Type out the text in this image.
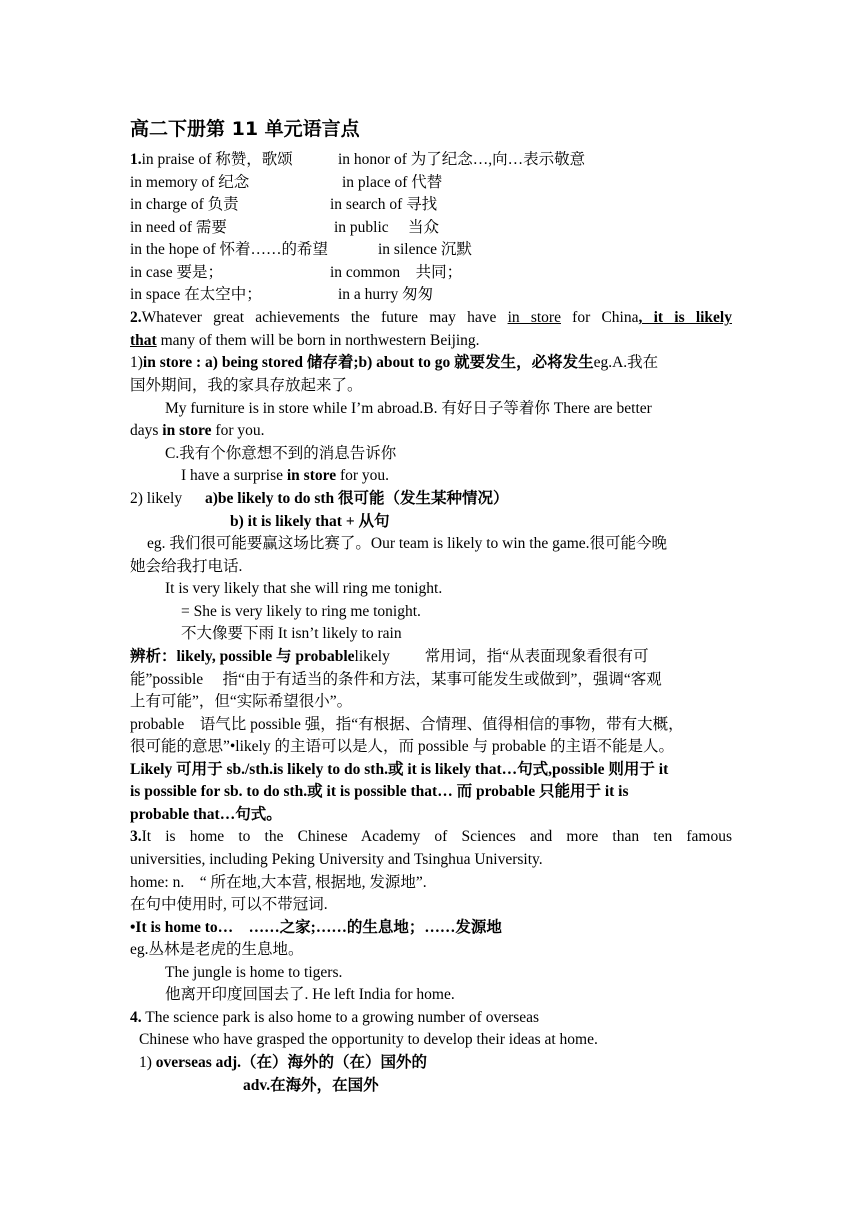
高二下册第 11 单元语言点
1.in praise of 称赞，歌颂	in honor of 为了纪念…,向…表示敬意
in memory of 纪念	in place of 代替
in charge of 负责	in search of 寻找
in need of 需要	in public　 当众
in the hope of 怀着……的希望	in silence 沉默
in case 要是；	in common　共同；
in space 在太空中；	in a hurry 匆匆
2.Whatever great achievements the future may have in store for China, it is likely
that many of them will be born in northwestern Beijing.
1)in store : a) being stored 储存着;b) about to go 就要发生，必将发生eg.A.我在
国外期间，我的家具存放起来了。
My furniture is in store while I’m abroad.B. 有好日子等着你 There are better
days in store for you.
C.我有个你意想不到的消息告诉你
I have a surprise in store for you.
2) likely a)be likely to do sth 很可能（发生某种情况）
b) it is likely that + 从句
eg. 我们很可能要赢这场比赛了。Our team is likely to win the game.很可能今晚
她会给我打电话.
It is very likely that she will ring me tonight.
= She is very likely to ring me tonight.
不大像要下雨 It isn’t likely to rain
辨析：likely, possible 与 probablelikely　　 常用词，指“从表面现象看很有可
能”possible　 指“由于有适当的条件和方法，某事可能发生或做到”，强调“客观
上有可能”，但“实际希望很小”。
probable　语气比 possible 强，指“有根据、合情理、值得相信的事物，带有大概，
很可能的意思”•likely 的主语可以是人，而 possible 与 probable 的主语不能是人。
Likely 可用于 sb./sth.is likely to do sth.或 it is likely that…句式,possible 则用于 it
is possible for sb. to do sth.或 it is possible that… 而 probable 只能用于 it is
probable that…句式。
3.It is home to the Chinese Academy of Sciences and more than ten famous
universities, including Peking University and Tsinghua University.
home: n.　“ 所在地,大本营, 根据地, 发源地”.
在句中使用时, 可以不带冠词.
•It is home to…　……之家;……的生息地；……发源地
eg.丛林是老虎的生息地。
The jungle is home to tigers.
他离开印度回国去了. He left India for home.
4. The science park is also home to a growing number of overseas
Chinese who have grasped the opportunity to develop their ideas at home.
1) overseas adj.（在）海外的（在）国外的
adv.在海外，在国外
